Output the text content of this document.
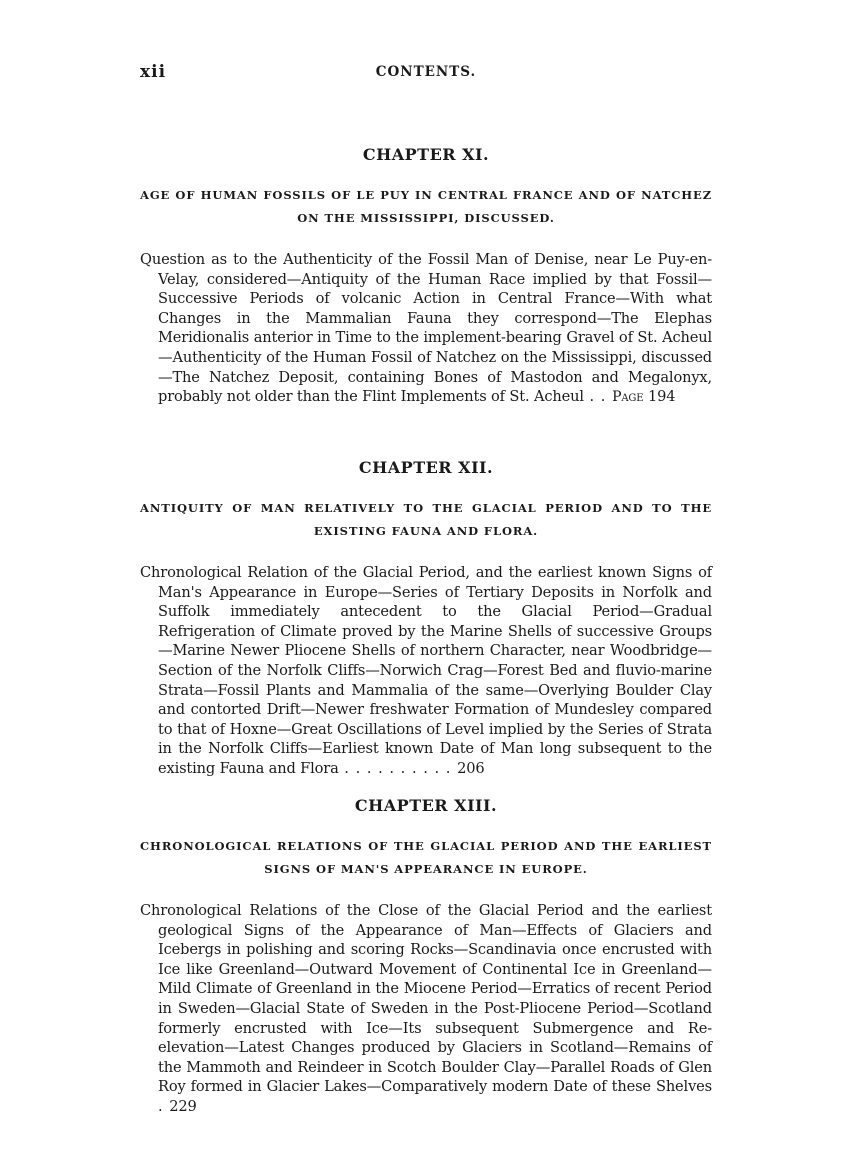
xii	CONTENTS.
CHAPTER XI.

AGE OF HUMAN FOSSILS OF LE PUY IN CENTRAL FRANCE AND OF NATCHEZ ON THE MISSISSIPPI, DISCUSSED.

Question as to the Authenticity of the Fossil Man of Denise, near Le Puy-en-Velay, considered—Antiquity of the Human Race implied by that Fossil—Successive Periods of volcanic Action in Central France—With what Changes in the Mammalian Fauna they correspond—The Elephas Meridionalis anterior in Time to the implement-bearing Gravel of St. Acheul—Authenticity of the Human Fossil of Natchez on the Mississippi, discussed—The Natchez Deposit, containing Bones of Mastodon and Megalonyx, probably not older than the Flint Implements of St. Acheul . . Page 194

CHAPTER XII.

ANTIQUITY OF MAN RELATIVELY TO THE GLACIAL PERIOD AND TO THE EXISTING FAUNA AND FLORA.

Chronological Relation of the Glacial Period, and the earliest known Signs of Man's Appearance in Europe—Series of Tertiary Deposits in Norfolk and Suffolk immediately antecedent to the Glacial Period—Gradual Refrigeration of Climate proved by the Marine Shells of successive Groups—Marine Newer Pliocene Shells of northern Character, near Woodbridge—Section of the Norfolk Cliffs—Norwich Crag—Forest Bed and fluvio-marine Strata—Fossil Plants and Mammalia of the same—Overlying Boulder Clay and contorted Drift—Newer freshwater Formation of Mundesley compared to that of Hoxne—Great Oscillations of Level implied by the Series of Strata in the Norfolk Cliffs—Earliest known Date of Man long subsequent to the existing Fauna and Flora . . . . . . . . . . 206

CHAPTER XIII.

CHRONOLOGICAL RELATIONS OF THE GLACIAL PERIOD AND THE EARLIEST SIGNS OF MAN'S APPEARANCE IN EUROPE.

Chronological Relations of the Close of the Glacial Period and the earliest geological Signs of the Appearance of Man—Effects of Glaciers and Icebergs in polishing and scoring Rocks—Scandinavia once encrusted with Ice like Greenland—Outward Movement of Continental Ice in Greenland—Mild Climate of Greenland in the Miocene Period—Erratics of recent Period in Sweden—Glacial State of Sweden in the Post-Pliocene Period—Scotland formerly encrusted with Ice—Its subsequent Submergence and Re-elevation—Latest Changes produced by Glaciers in Scotland—Remains of the Mammoth and Reindeer in Scotch Boulder Clay—Parallel Roads of Glen Roy formed in Glacier Lakes—Comparatively modern Date of these Shelves . 229
